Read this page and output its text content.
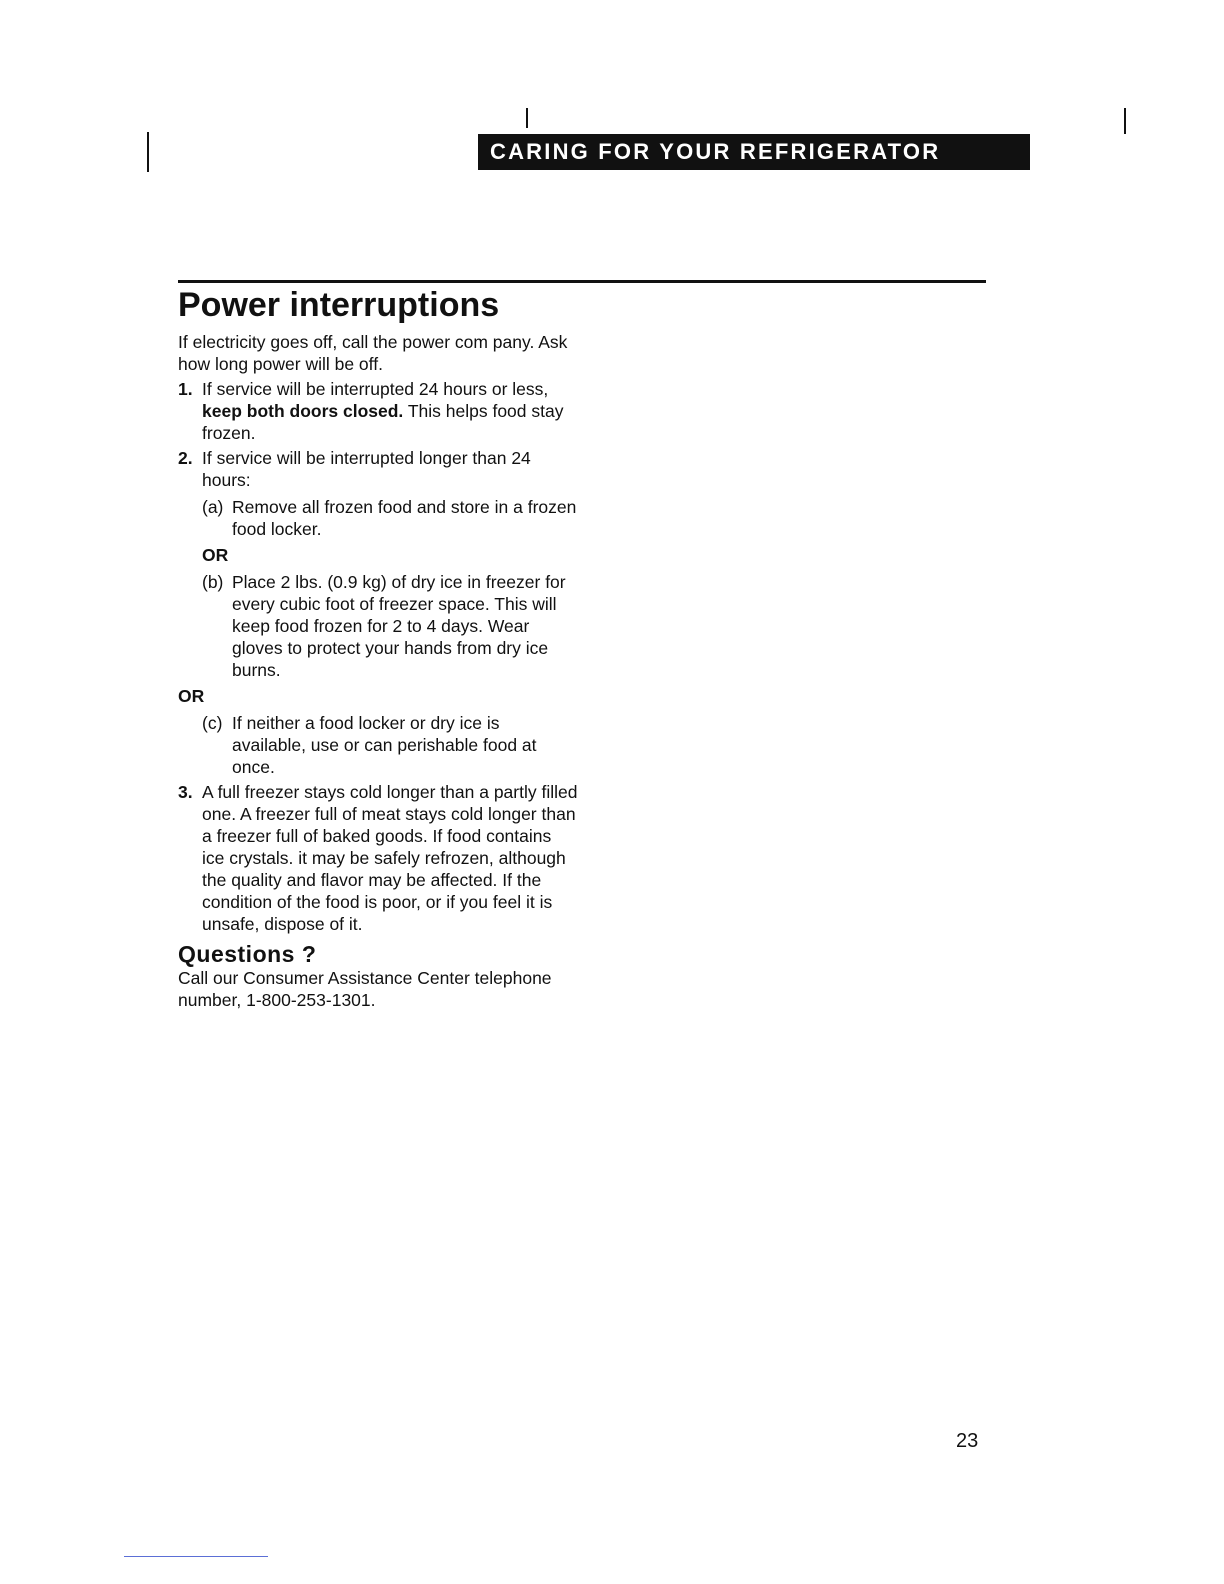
CARING FOR YOUR REFRIGERATOR
Power interruptions

If electricity goes off, call the power com pany. Ask how long power will be off.

1. If service will be interrupted 24 hours or less, keep both doors closed. This helps food stay frozen.
2. If service will be interrupted longer than 24 hours:
(a) Remove all frozen food and store in a frozen food locker.
OR
(b) Place 2 lbs. (0.9 kg) of dry ice in freezer for every cubic foot of freezer space. This will keep food frozen for 2 to 4 days. Wear gloves to protect your hands from dry ice burns.
OR
(c) If neither a food locker or dry ice is available, use or can perishable food at once.
3. A full freezer stays cold longer than a partly filled one. A freezer full of meat stays cold longer than a freezer full of baked goods. If food contains ice crystals. it may be safely refrozen, although the quality and flavor may be affected. If the condition of the food is poor, or if you feel it is unsafe, dispose of it.
Questions ?

Call our Consumer Assistance Center telephone number, 1-800-253-1301.

23
